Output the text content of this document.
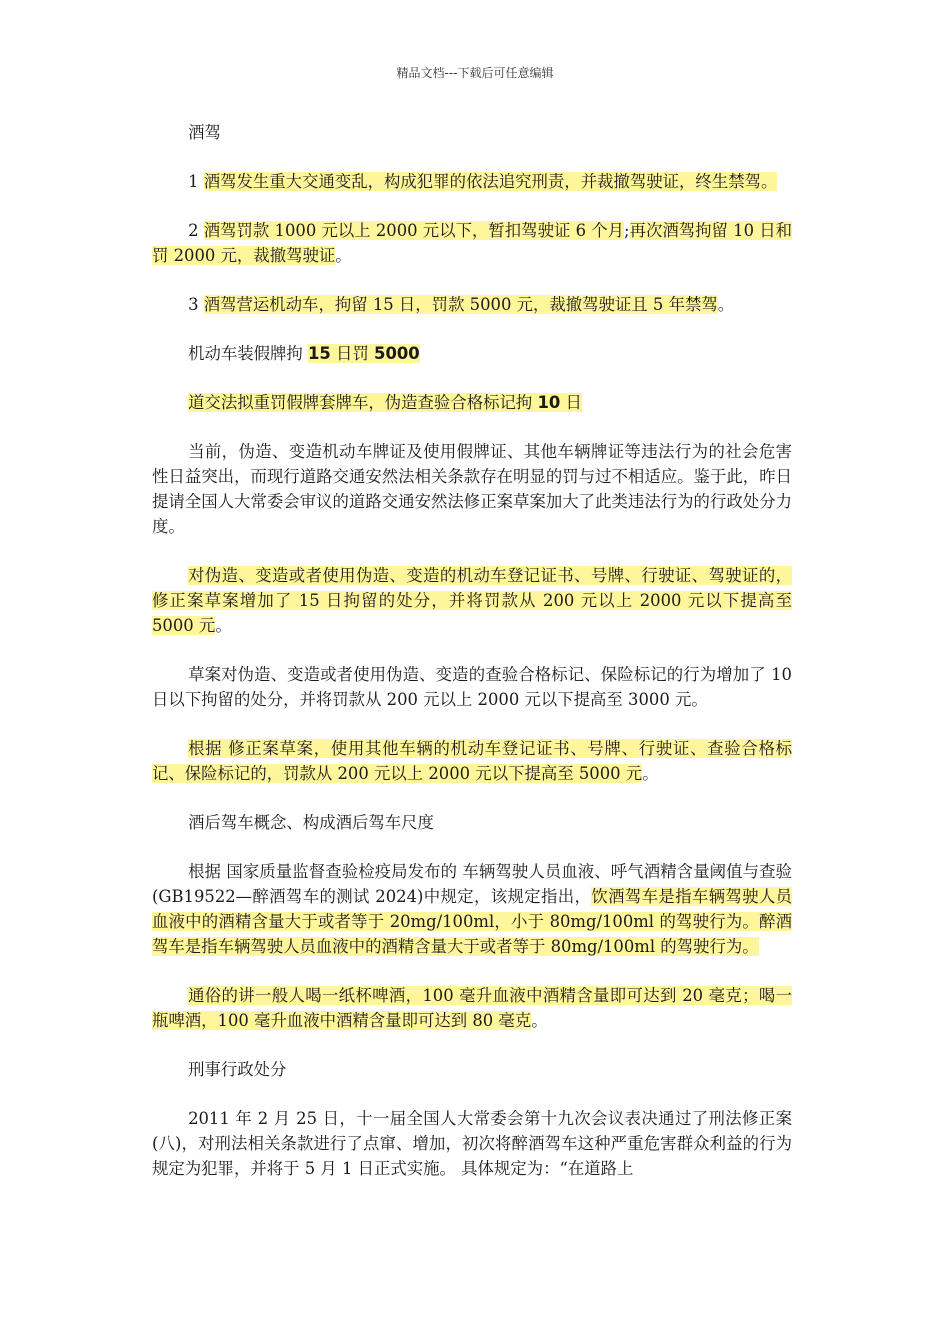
精品文档---下载后可任意编辑

酒驾

1 酒驾发生重大交通变乱，构成犯罪的依法追究刑责，并裁撤驾驶证，终生禁驾。

2 酒驾罚款 1000 元以上 2000 元以下，暂扣驾驶证 6 个月;再次酒驾拘留 10 日和罚 2000 元，裁撤驾驶证。

3 酒驾营运机动车，拘留 15 日，罚款 5000 元，裁撤驾驶证且 5 年禁驾。

机动车装假牌拘 15 日罚 5000

道交法拟重罚假牌套牌车，伪造查验合格标记拘 10 日

当前，伪造、变造机动车牌证及使用假牌证、其他车辆牌证等违法行为的社会危害性日益突出，而现行道路交通安然法相关条款存在明显的罚与过不相适应。鉴于此，昨日提请全国人大常委会审议的道路交通安然法修正案草案加大了此类违法行为的行政处分力度。

对伪造、变造或者使用伪造、变造的机动车登记证书、号牌、行驶证、驾驶证的，修正案草案增加了 15 日拘留的处分，并将罚款从 200 元以上 2000 元以下提高至 5000 元。

草案对伪造、变造或者使用伪造、变造的查验合格标记、保险标记的行为增加了 10 日以下拘留的处分，并将罚款从 200 元以上 2000 元以下提高至 3000 元。

根据 修正案草案，使用其他车辆的机动车登记证书、号牌、行驶证、查验合格标记、保险标记的，罚款从 200 元以上 2000 元以下提高至 5000 元。

酒后驾车概念、构成酒后驾车尺度

根据 国家质量监督查验检疫局发布的 车辆驾驶人员血液、呼气酒精含量阈值与查验 (GB19522—醉酒驾车的测试 2024)中规定，该规定指出，饮酒驾车是指车辆驾驶人员血液中的酒精含量大于或者等于 20mg/100ml，小于 80mg/100ml 的驾驶行为。醉酒驾车是指车辆驾驶人员血液中的酒精含量大于或者等于 80mg/100ml 的驾驶行为。

通俗的讲一般人喝一纸杯啤酒，100 毫升血液中酒精含量即可达到 20 毫克；喝一瓶啤酒，100 毫升血液中酒精含量即可达到 80 毫克。

刑事行政处分

2011 年 2 月 25 日，十一届全国人大常委会第十九次会议表决通过了刑法修正案(八)，对刑法相关条款进行了点窜、增加，初次将醉酒驾车这种严重危害群众利益的行为规定为犯罪，并将于 5 月 1 日正式实施。 具体规定为：“在道路上
